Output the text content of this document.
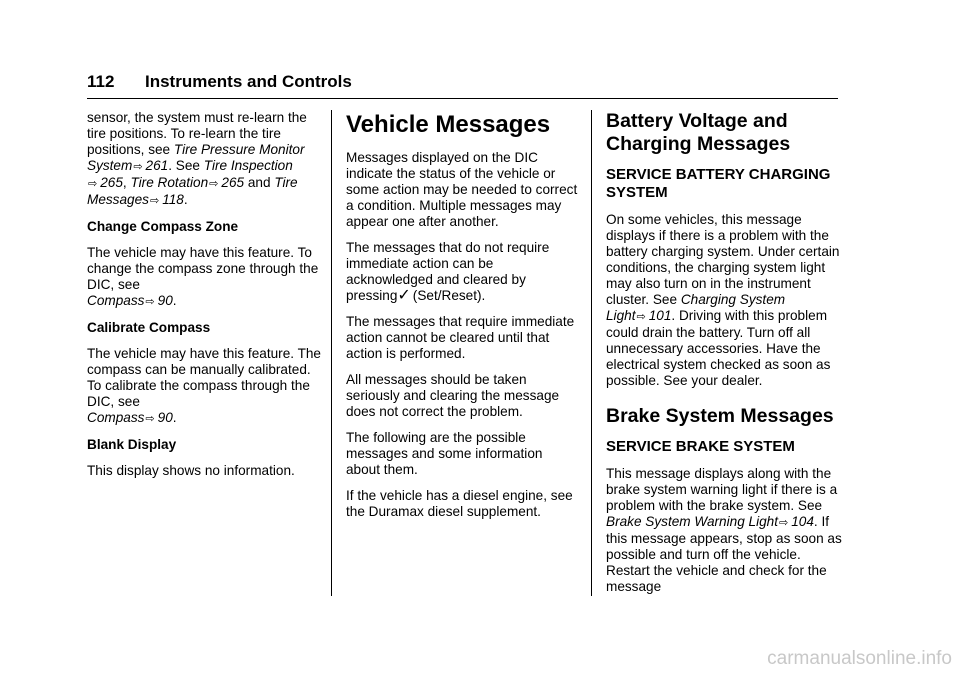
112 Instruments and Controls

sensor, the system must re-learn the tire positions. To re-learn the tire positions, see Tire Pressure Monitor System⇨ 261. See Tire Inspection
⇨ 265, Tire Rotation⇨ 265 and Tire Messages⇨ 118.

Change Compass Zone

The vehicle may have this feature. To change the compass zone through the DIC, see
Compass⇨ 90.

Calibrate Compass

The vehicle may have this feature. The compass can be manually calibrated. To calibrate the compass through the DIC, see
Compass⇨ 90.

Blank Display

This display shows no information.

Vehicle Messages

Messages displayed on the DIC indicate the status of the vehicle or some action may be needed to correct a condition. Multiple messages may appear one after another.

The messages that do not require immediate action can be acknowledged and cleared by pressing✓ (Set/Reset).

The messages that require immediate action cannot be cleared until that action is performed.

All messages should be taken seriously and clearing the message does not correct the problem.

The following are the possible messages and some information about them.

If the vehicle has a diesel engine, see the Duramax diesel supplement.

Battery Voltage and Charging Messages
SERVICE BATTERY CHARGING SYSTEM

On some vehicles, this message displays if there is a problem with the battery charging system. Under certain conditions, the charging system light may also turn on in the instrument cluster. See Charging System Light⇨ 101. Driving with this problem could drain the battery. Turn off all unnecessary accessories. Have the electrical system checked as soon as possible. See your dealer.

Brake System Messages
SERVICE BRAKE SYSTEM

This message displays along with the brake system warning light if there is a problem with the brake system. See Brake System Warning Light⇨ 104. If this message appears, stop as soon as possible and turn off the vehicle. Restart the vehicle and check for the message

carmanualsonline.info
